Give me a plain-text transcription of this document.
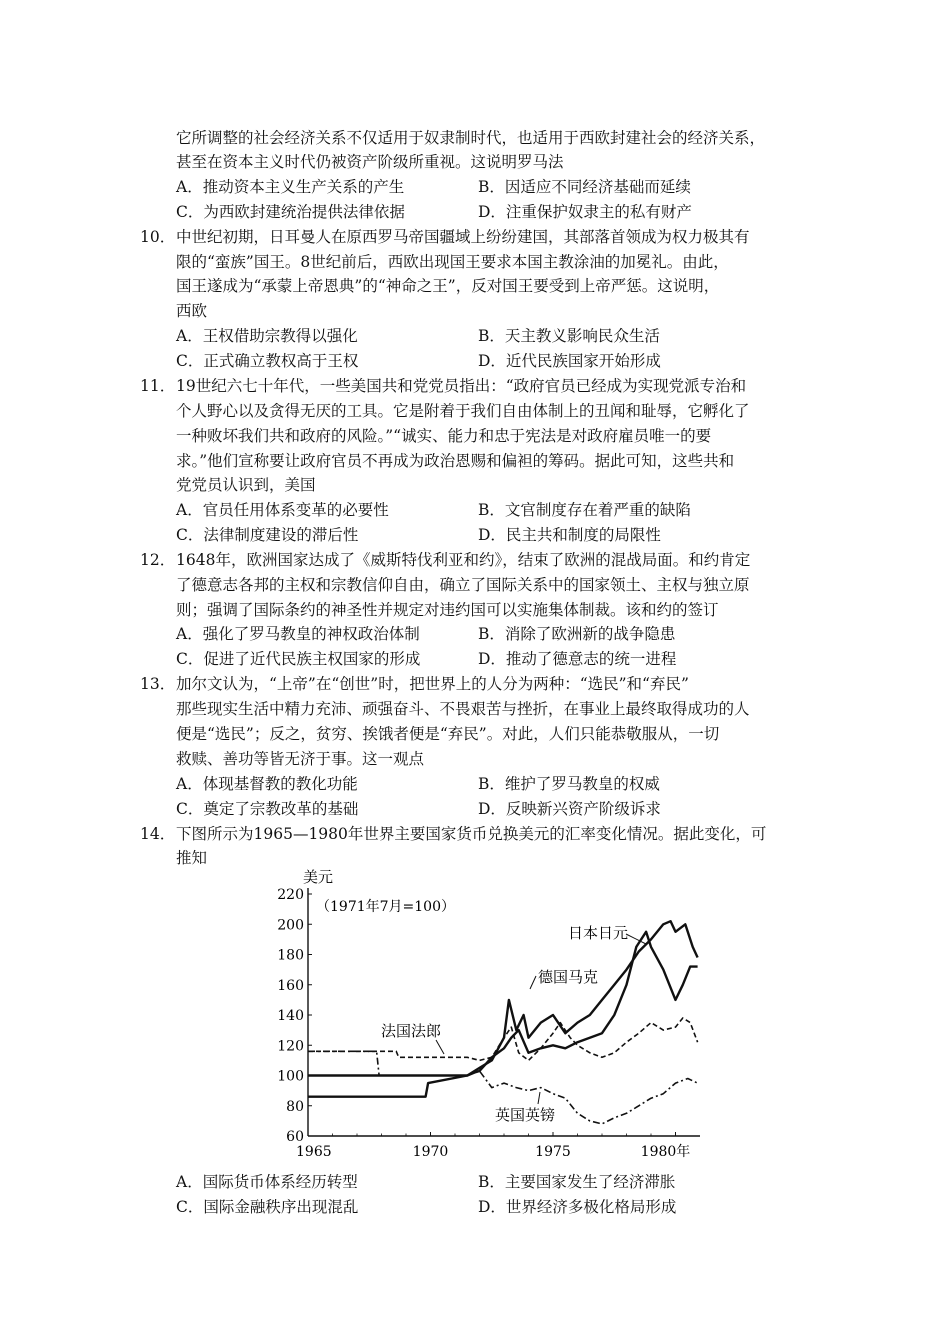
它所调整的社会经济关系不仅适用于奴隶制时代，也适用于西欧封建社会的经济关系，
甚至在资本主义时代仍被资产阶级所重视。这说明罗马法
A．推动资本主义生产关系的产生	B．因适应不同经济基础而延续
C．为西欧封建统治提供法律依据	D．注重保护奴隶主的私有财产
10． 中世纪初期，日耳曼人在原西罗马帝国疆域上纷纷建国，其部落首领成为权力极其有
限的“蛮族”国王。8世纪前后，西欧出现国王要求本国主教涂油的加冕礼。由此，
国王遂成为“承蒙上帝恩典”的“神命之王”，反对国王要受到上帝严惩。这说明，
西欧
A．王权借助宗教得以强化	B．天主教义影响民众生活
C．正式确立教权高于王权	D．近代民族国家开始形成
11． 19世纪六七十年代，一些美国共和党党员指出：“政府官员已经成为实现党派专治和
个人野心以及贪得无厌的工具。它是附着于我们自由体制上的丑闻和耻辱，它孵化了
一种败坏我们共和政府的风险。”“诚实、能力和忠于宪法是对政府雇员唯一的要
求。”他们宣称要让政府官员不再成为政治恩赐和偏袒的筹码。据此可知，这些共和
党党员认识到，美国
A．官员任用体系变革的必要性	B．文官制度存在着严重的缺陷
C．法律制度建设的滞后性	D．民主共和制度的局限性
12． 1648年，欧洲国家达成了《威斯特伐利亚和约》，结束了欧洲的混战局面。和约肯定
了德意志各邦的主权和宗教信仰自由，确立了国际关系中的国家领土、主权与独立原
则；强调了国际条约的神圣性并规定对违约国可以实施集体制裁。该和约的签订
A．强化了罗马教皇的神权政治体制	B．消除了欧洲新的战争隐患
C．促进了近代民族主权国家的形成	D．推动了德意志的统一进程
13． 加尔文认为，“上帝”在“创世”时，把世界上的人分为两种：“选民”和“弃民”
那些现实生活中精力充沛、顽强奋斗、不畏艰苦与挫折，在事业上最终取得成功的人
便是“选民”；反之，贫穷、挨饿者便是“弃民”。对此，人们只能恭敬服从，一切
救赎、善功等皆无济于事。这一观点
A．体现基督教的教化功能	B．维护了罗马教皇的权威
C．奠定了宗教改革的基础	D．反映新兴资产阶级诉求
14． 下图所示为1965—1980年世界主要国家货币兑换美元的汇率变化情况。据此变化，可
推知
220
200
180
160
140
120
100
80
60
1965	1970	1975	1980年
美元
（1971年7月=100）
日本日元
德国马克
法国法郎
英国英镑
A．国际货币体系经历转型	B．主要国家发生了经济滞胀
C．国际金融秩序出现混乱	D．世界经济多极化格局形成
